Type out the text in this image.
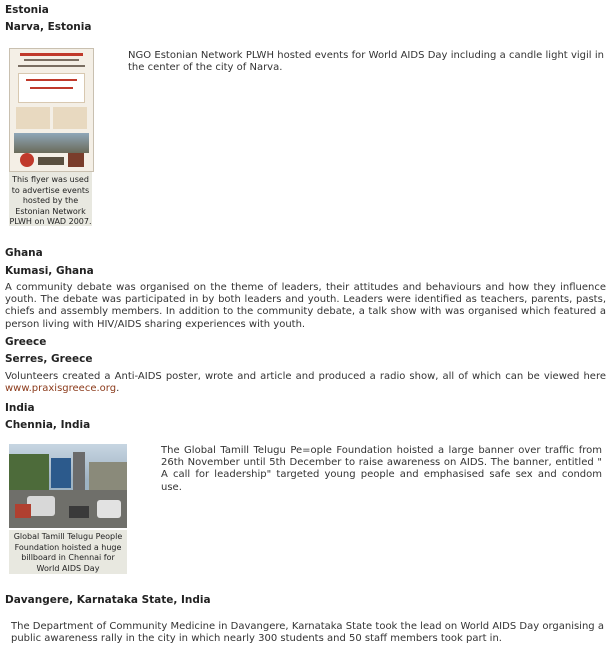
Estonia
Narva, Estonia
This flyer was used to advertise events hosted by the Estonian Network PLWH on WAD 2007.
NGO Estonian Network PLWH hosted events for World AIDS Day including a candle light vigil in the center of the city of Narva.
Ghana
Kumasi, Ghana
A community debate was organised on the theme of leaders, their attitudes and behaviours and how they influence youth. The debate was participated in by both leaders and youth. Leaders were identified as teachers, parents, pasts, chiefs and assembly members. In addition to the community debate, a talk show with was organised which featured a person living with HIV/AIDS sharing experiences with youth.
Greece
Serres, Greece
Volunteers created a Anti-AIDS poster, wrote and article and produced a radio show, all of which can be viewed here www.praxisgreece.org.
India
Chennia, India
Global Tamill Telugu People Foundation hoisted a huge billboard in Chennai for World AIDS Day
The Global Tamill Telugu Pe=ople Foundation hoisted a large banner over traffic from 26th November until 5th December to raise awareness on AIDS. The banner, entitled " A call for leadership" targeted young people and emphasised safe sex and condom use.
Davangere, Karnataka State, India
The Department of Community Medicine in Davangere, Karnataka State took the lead on World AIDS Day organising a public awareness rally in the city in which nearly 300 students and 50 staff members took part in.
